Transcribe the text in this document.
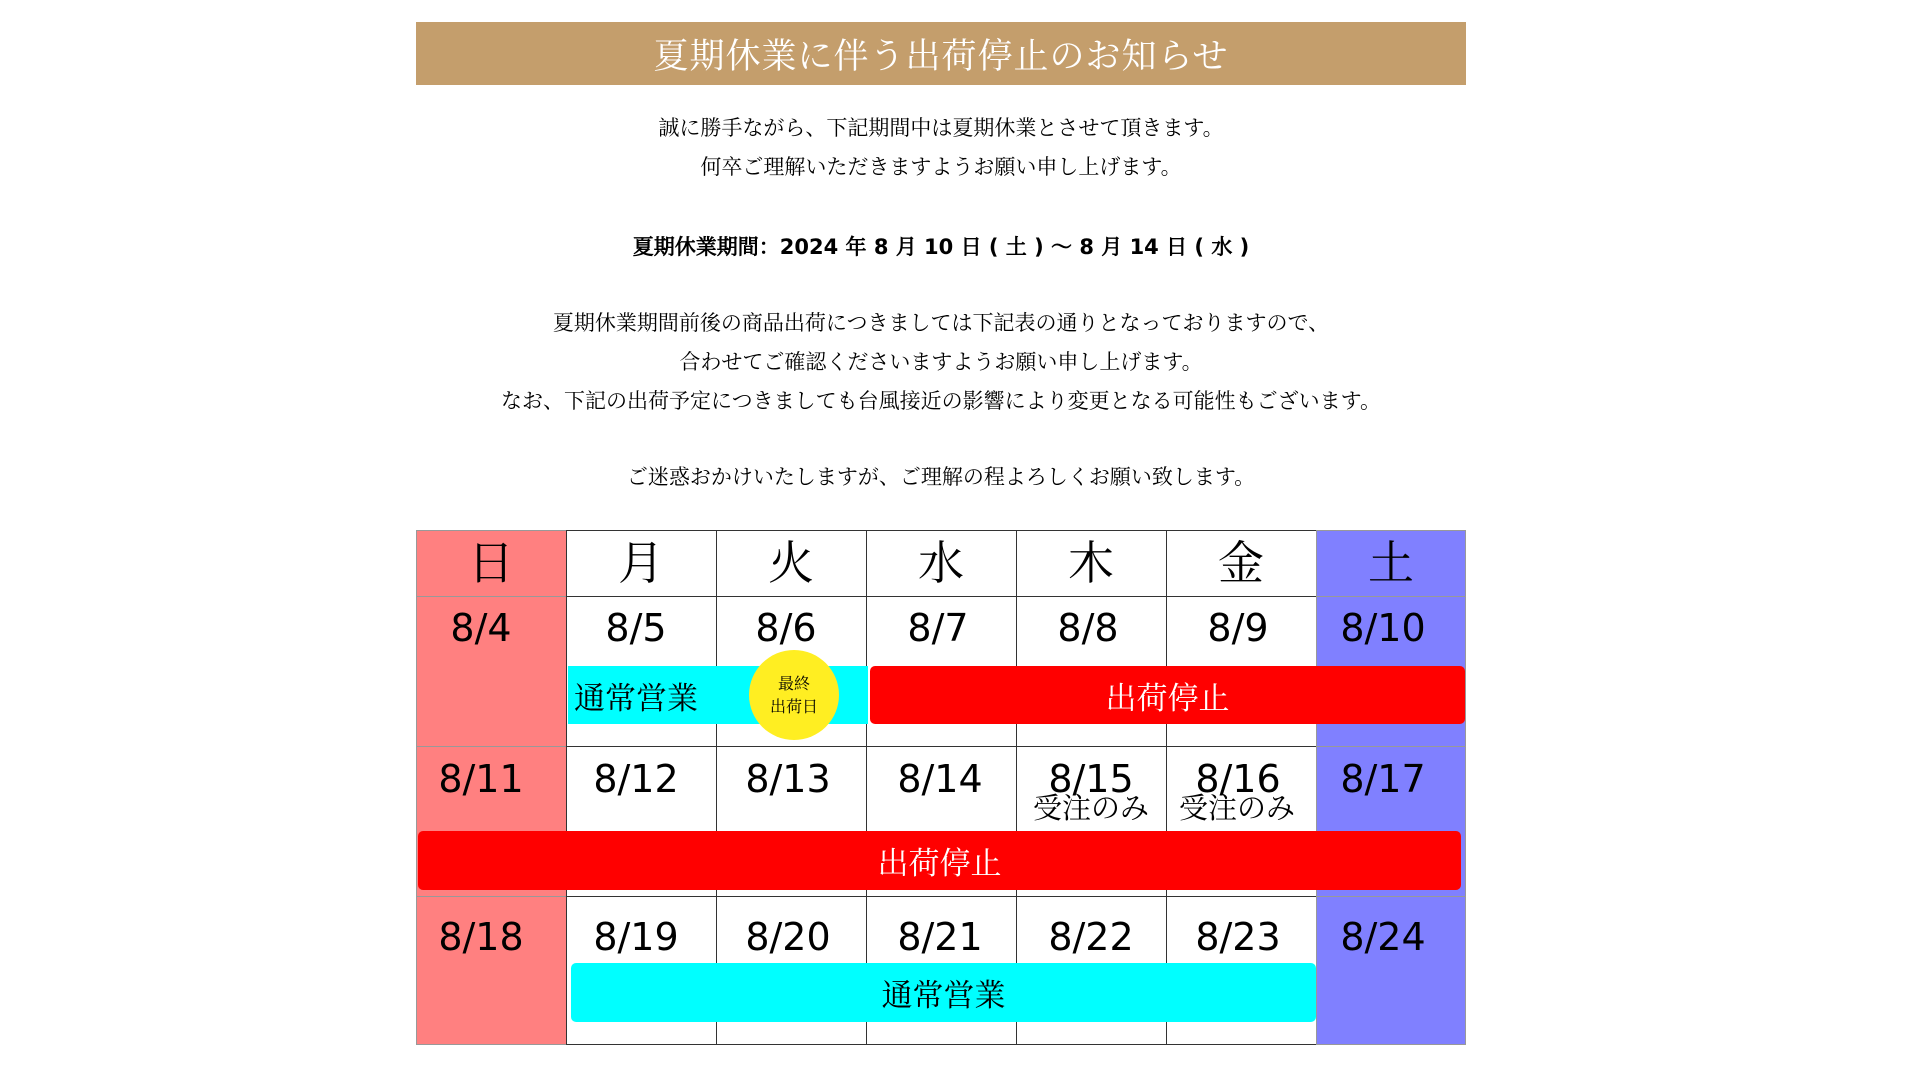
夏期休業に伴う出荷停止のお知らせ

誠に勝手ながら、下記期間中は夏期休業とさせて頂きます。

何卒ご理解いただきますようお願い申し上げます。

夏期休業期間：2024 年 8 月 10 日 ( 土 ) 〜 8 月 14 日 ( 水 )

夏期休業期間前後の商品出荷につきましては下記表の通りとなっておりますので、

合わせてご確認くださいますようお願い申し上げます。

なお、下記の出荷予定につきましても台風接近の影響により変更となる可能性もございます。

ご迷惑おかけいたしますが、ご理解の程よろしくお願い致します。

日	月	火	水	木	金	土
8/4	8/5	8/6	8/7	8/8	8/9	8/10
通常営業	出荷停止
最終
出荷日
8/11	8/12	8/13	8/14	8/15	8/16	8/17
受注のみ	受注のみ
出荷停止
8/18	8/19	8/20	8/21	8/22	8/23	8/24
通常営業
